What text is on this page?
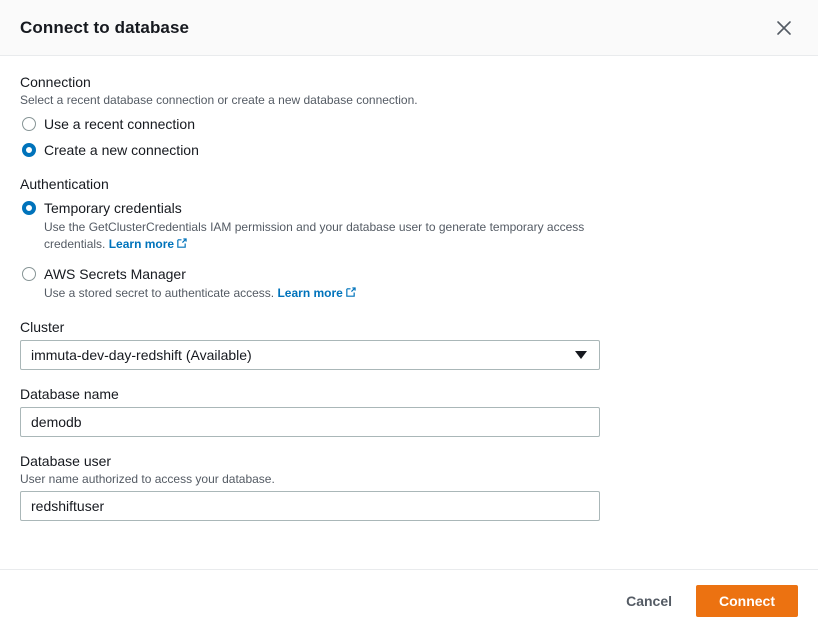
Connect to database
Connection
Select a recent database connection or create a new database connection.
Use a recent connection
Create a new connection
Authentication
Temporary credentials
Use the GetClusterCredentials IAM permission and your database user to generate temporary access credentials. Learn more
AWS Secrets Manager
Use a stored secret to authenticate access. Learn more
Cluster
immuta-dev-day-redshift (Available)
Database name
demodb
Database user
User name authorized to access your database.
redshiftuser
Cancel	Connect
